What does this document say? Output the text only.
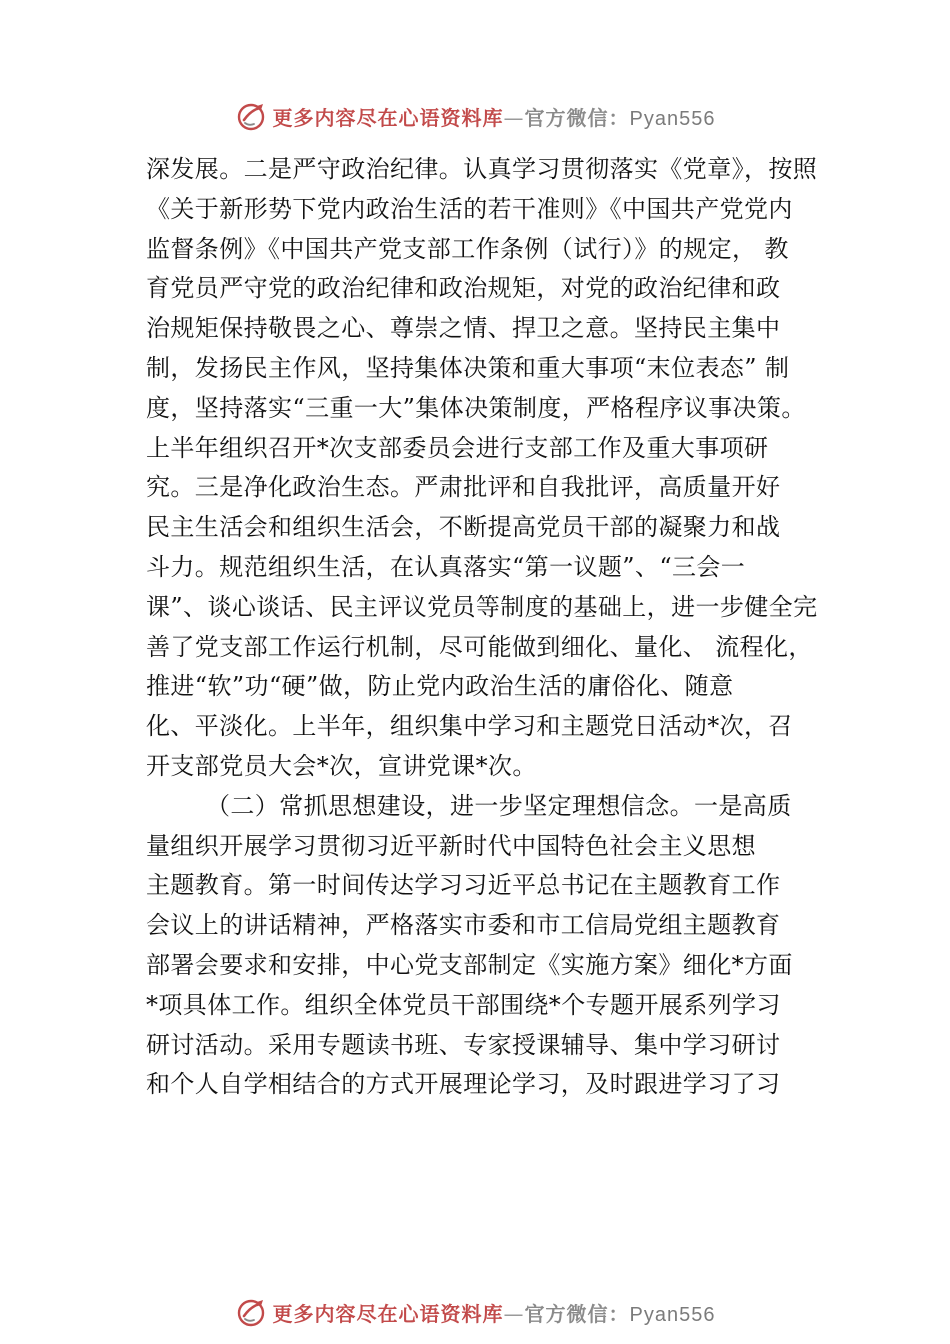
更多内容尽在心语资料库—官方微信：Pyan556
深发展。二是严守政治纪律。认真学习贯彻落实《党章》，按照
《关于新形势下党内政治生活的若干准则》《中国共产党党内
监督条例》《中国共产党支部工作条例（试行）》的规定， 教
育党员严守党的政治纪律和政治规矩，对党的政治纪律和政
治规矩保持敬畏之心、尊崇之情、捍卫之意。坚持民主集中
制，发扬民主作风，坚持集体决策和重大事项“末位表态” 制
度，坚持落实“三重一大”集体决策制度，严格程序议事决策。
上半年组织召开*次支部委员会进行支部工作及重大事项研
究。三是净化政治生态。严肃批评和自我批评，高质量开好
民主生活会和组织生活会，不断提高党员干部的凝聚力和战
斗力。规范组织生活，在认真落实“第一议题”、“三会一
课”、谈心谈话、民主评议党员等制度的基础上，进一步健全完
善了党支部工作运行机制，尽可能做到细化、量化、 流程化，
推进“软”功“硬”做，防止党内政治生活的庸俗化、随意
化、平淡化。上半年，组织集中学习和主题党日活动*次，召
开支部党员大会*次，宣讲党课*次。
（二）常抓思想建设，进一步坚定理想信念。一是高质
量组织开展学习贯彻习近平新时代中国特色社会主义思想
主题教育。第一时间传达学习习近平总书记在主题教育工作
会议上的讲话精神，严格落实市委和市工信局党组主题教育
部署会要求和安排，中心党支部制定《实施方案》细化*方面
*项具体工作。组织全体党员干部围绕*个专题开展系列学习
研讨活动。采用专题读书班、专家授课辅导、集中学习研讨
和个人自学相结合的方式开展理论学习，及时跟进学习了习
更多内容尽在心语资料库—官方微信：Pyan556
